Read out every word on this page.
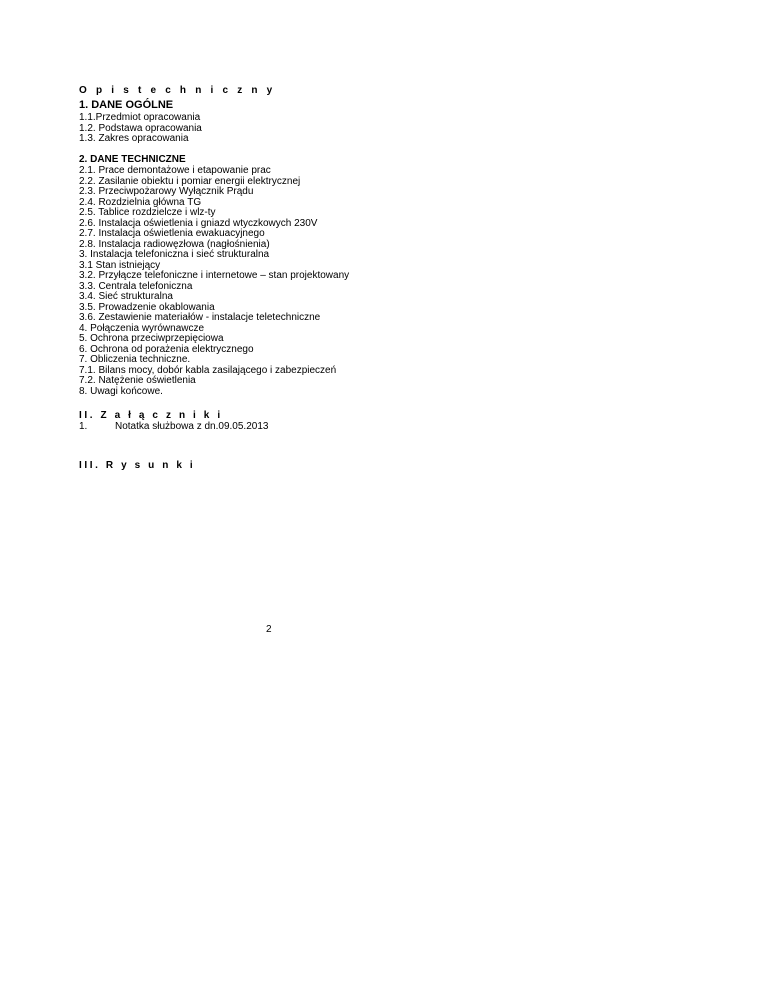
O p i s t e c h n i c z n y
1. DANE OGÓLNE
1.1.Przedmiot opracowania
1.2. Podstawa opracowania
1.3. Zakres opracowania
2. DANE TECHNICZNE
2.1. Prace demontażowe i etapowanie prac
2.2. Zasilanie obiektu i pomiar energii elektrycznej
2.3. Przeciwpożarowy Wyłącznik Prądu
2.4. Rozdzielnia główna TG
2.5. Tablice rozdzielcze i wlz-ty
2.6. Instalacja oświetlenia i gniazd wtyczkowych 230V
2.7. Instalacja oświetlenia ewakuacyjnego
2.8. Instalacja radiowęzłowa (nagłośnienia)
3. Instalacja telefoniczna i sieć strukturalna
3.1 Stan istniejący
3.2. Przyłącze telefoniczne i internetowe – stan projektowany
3.3. Centrala telefoniczna
3.4. Sieć strukturalna
3.5. Prowadzenie okablowania
3.6. Zestawienie materiałów - instalacje teletechniczne
4. Połączenia wyrównawcze
5. Ochrona przeciwprzepięciowa
6. Ochrona od porażenia elektrycznego
7. Obliczenia techniczne.
7.1. Bilans mocy, dobór kabla zasilającego i zabezpieczeń
7.2. Natężenie oświetlenia
8. Uwagi końcowe.
II. Z a ł ą c z n i k i
1.	Notatka służbowa z dn.09.05.2013
III. R y s u n k i
2
